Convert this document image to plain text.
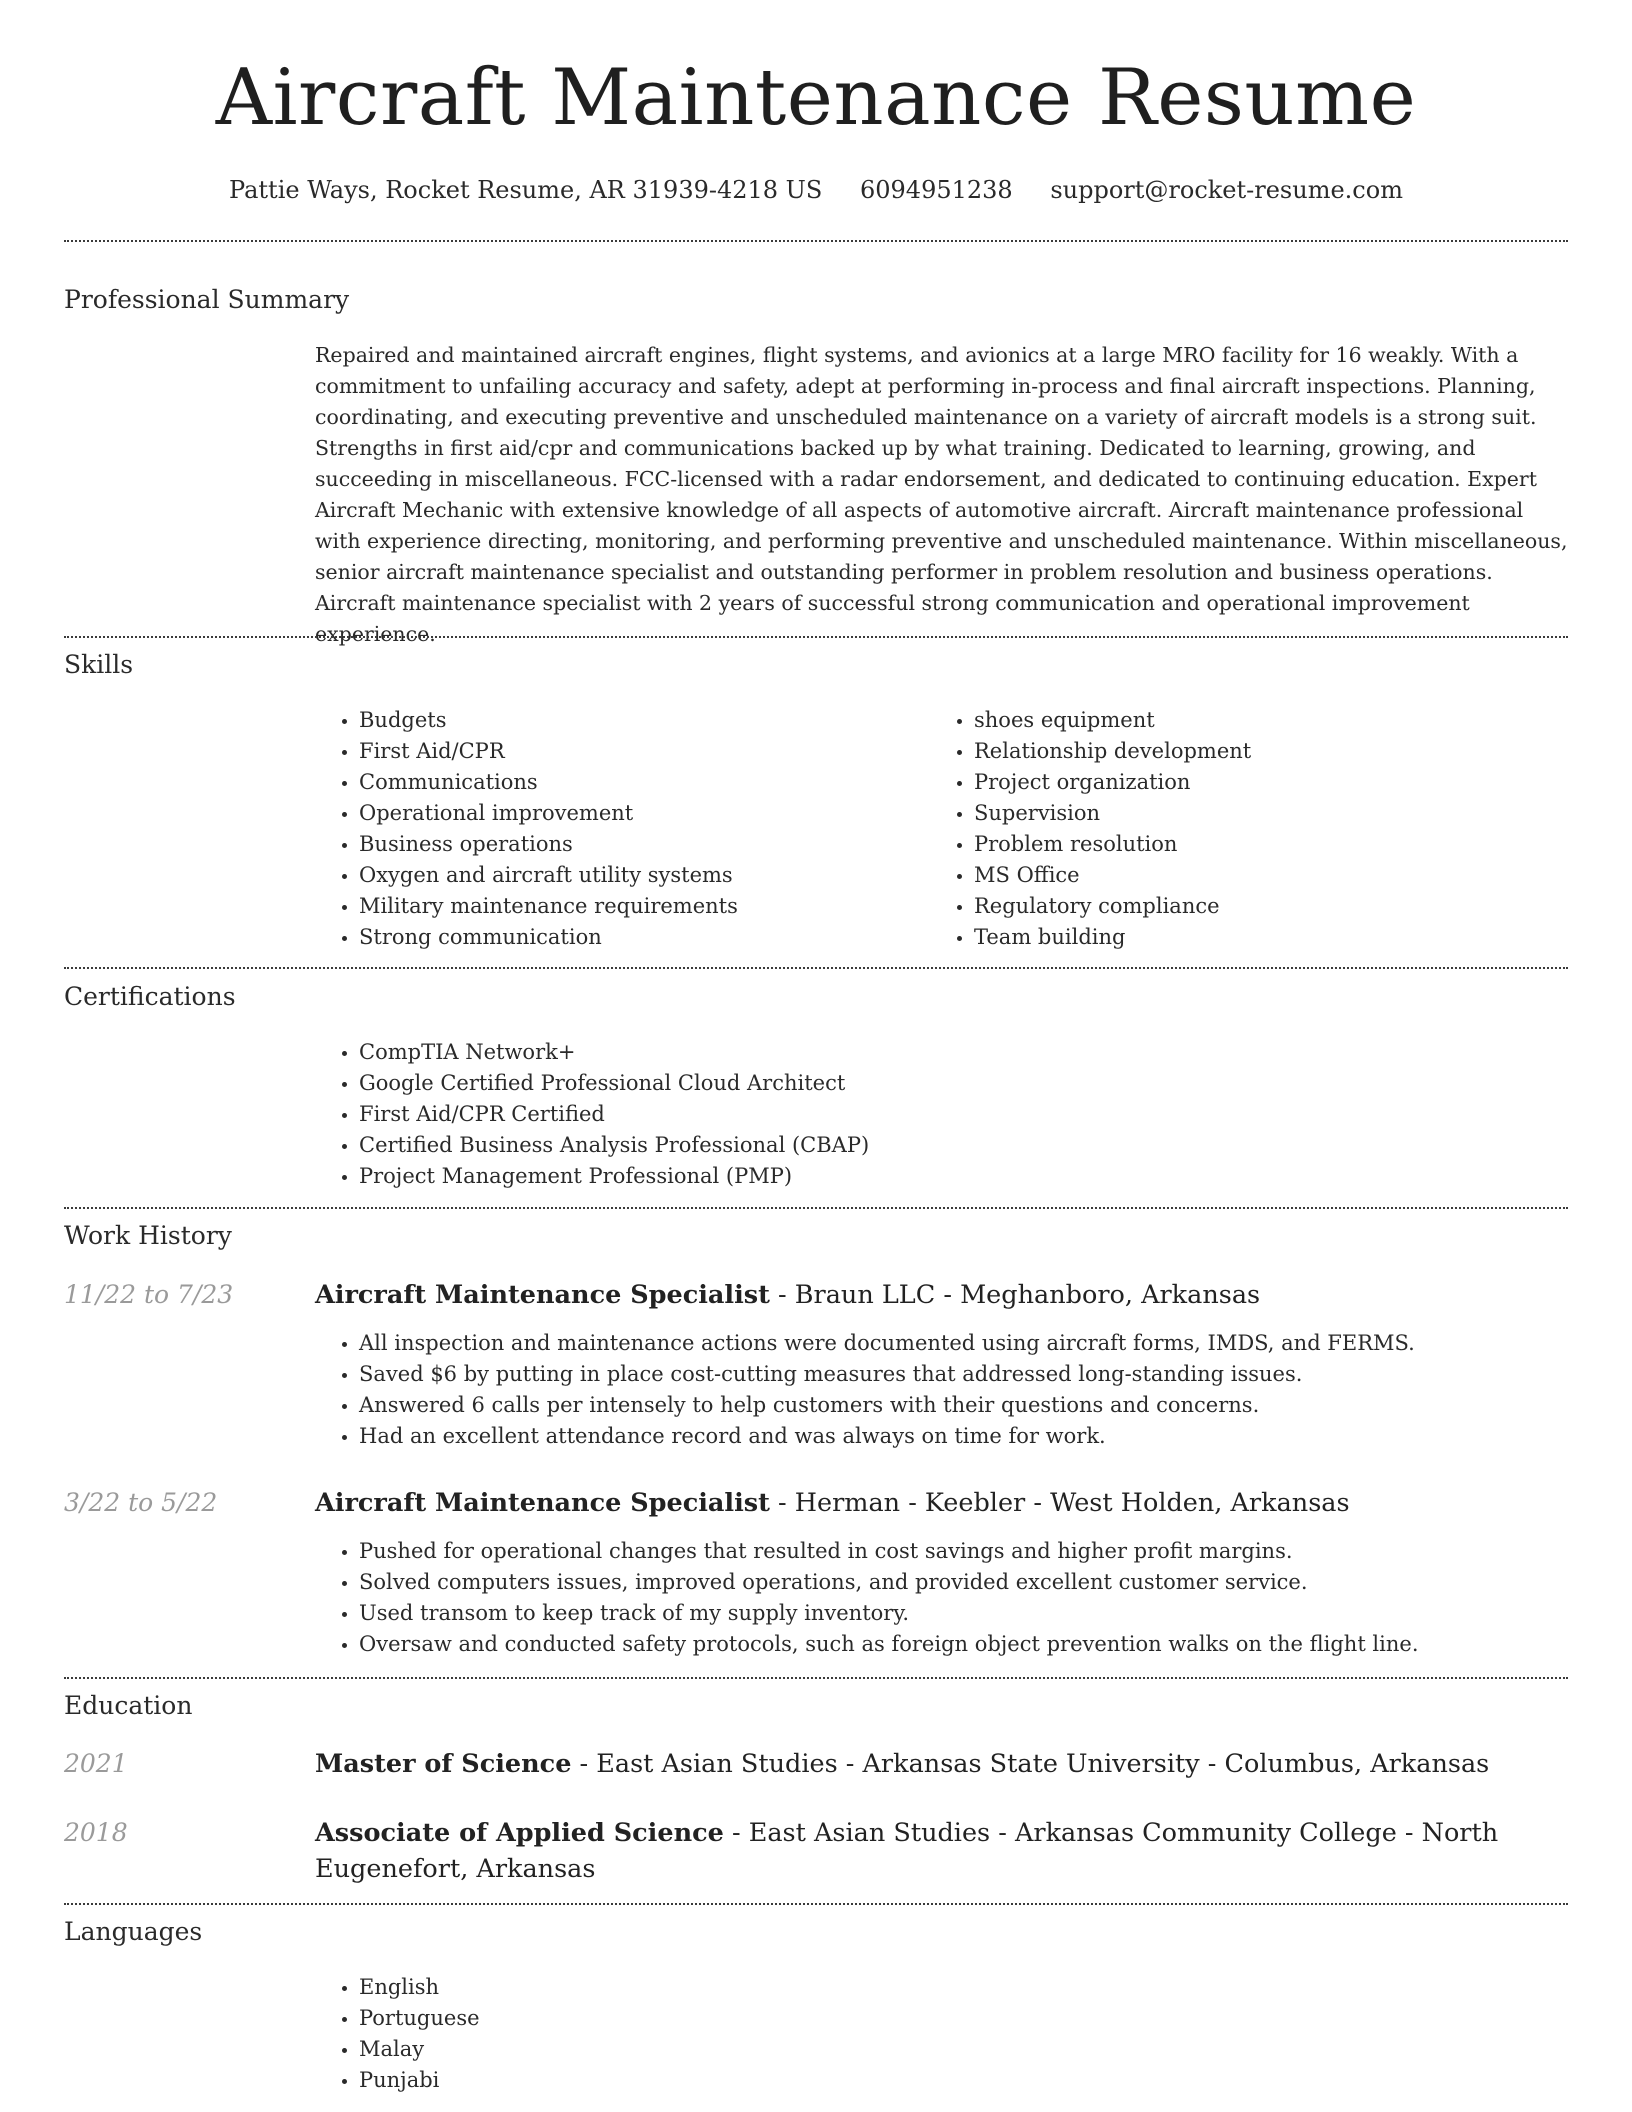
Aircraft Maintenance Resume
Pattie Ways, Rocket Resume, AR 31939-4218 US 6094951238 support@rocket-resume.com
Professional Summary

Repaired and maintained aircraft engines, flight systems, and avionics at a large MRO facility for 16 weakly. With a commitment to unfailing accuracy and safety, adept at performing in-process and final aircraft inspections. Planning, coordinating, and executing preventive and unscheduled maintenance on a variety of aircraft models is a strong suit. Strengths in first aid/cpr and communications backed up by what training. Dedicated to learning, growing, and succeeding in miscellaneous. FCC-licensed with a radar endorsement, and dedicated to continuing education. Expert Aircraft Mechanic with extensive knowledge of all aspects of automotive aircraft. Aircraft maintenance professional with experience directing, monitoring, and performing preventive and unscheduled maintenance. Within miscellaneous, senior aircraft maintenance specialist and outstanding performer in problem resolution and business operations. Aircraft maintenance specialist with 2 years of successful strong communication and operational improvement experience.

Skills
• Budgets
• First Aid/CPR
• Communications
• Operational improvement
• Business operations
• Oxygen and aircraft utility systems
• Military maintenance requirements
• Strong communication
• shoes equipment
• Relationship development
• Project organization
• Supervision
• Problem resolution
• MS Office
• Regulatory compliance
• Team building
Certifications
• CompTIA Network+
• Google Certified Professional Cloud Architect
• First Aid/CPR Certified
• Certified Business Analysis Professional (CBAP)
• Project Management Professional (PMP)
Work History
11/22 to 7/23	Aircraft Maintenance Specialist - Braun LLC - Meghanboro, Arkansas
• All inspection and maintenance actions were documented using aircraft forms, IMDS, and FERMS.
• Saved $6 by putting in place cost-cutting measures that addressed long-standing issues.
• Answered 6 calls per intensely to help customers with their questions and concerns.
• Had an excellent attendance record and was always on time for work.
3/22 to 5/22	Aircraft Maintenance Specialist - Herman - Keebler - West Holden, Arkansas
• Pushed for operational changes that resulted in cost savings and higher profit margins.
• Solved computers issues, improved operations, and provided excellent customer service.
• Used transom to keep track of my supply inventory.
• Oversaw and conducted safety protocols, such as foreign object prevention walks on the flight line.
Education
2021	Master of Science - East Asian Studies - Arkansas State University - Columbus, Arkansas
2018	Associate of Applied Science - East Asian Studies - Arkansas Community College - North Eugenefort, Arkansas
Languages
• English
• Portuguese
• Malay
• Punjabi
